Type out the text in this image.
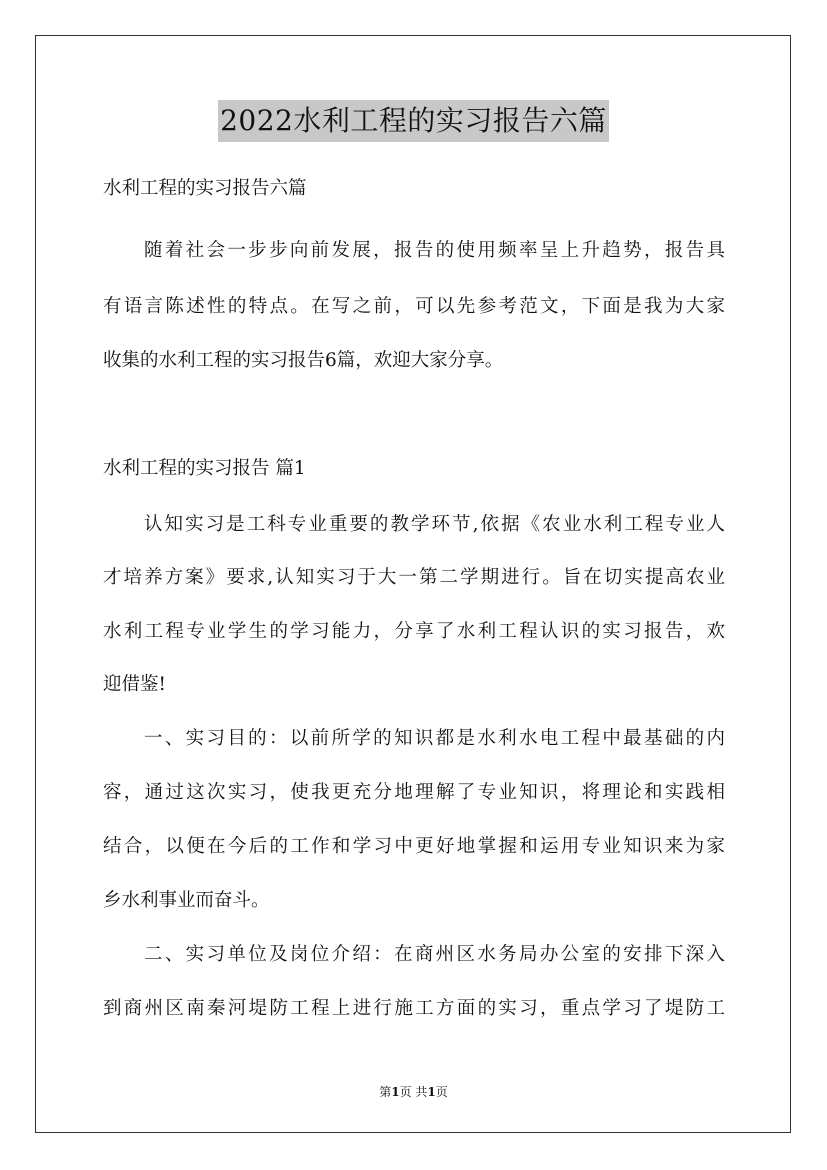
2022水利工程的实习报告六篇
水利工程的实习报告六篇
随着社会一步步向前发展，报告的使用频率呈上升趋势，报告具
有语言陈述性的特点。在写之前，可以先参考范文，下面是我为大家
收集的水利工程的实习报告6篇，欢迎大家分享。
水利工程的实习报告 篇1
认知实习是工科专业重要的教学环节,依据《农业水利工程专业人
才培养方案》要求,认知实习于大一第二学期进行。旨在切实提高农业
水利工程专业学生的学习能力，分享了水利工程认识的实习报告，欢
迎借鉴!
一、实习目的：以前所学的知识都是水利水电工程中最基础的内
容，通过这次实习，使我更充分地理解了专业知识，将理论和实践相
结合，以便在今后的工作和学习中更好地掌握和运用专业知识来为家
乡水利事业而奋斗。
二、实习单位及岗位介绍：在商州区水务局办公室的安排下深入
到商州区南秦河堤防工程上进行施工方面的实习，重点学习了堤防工
第1页 共1页
